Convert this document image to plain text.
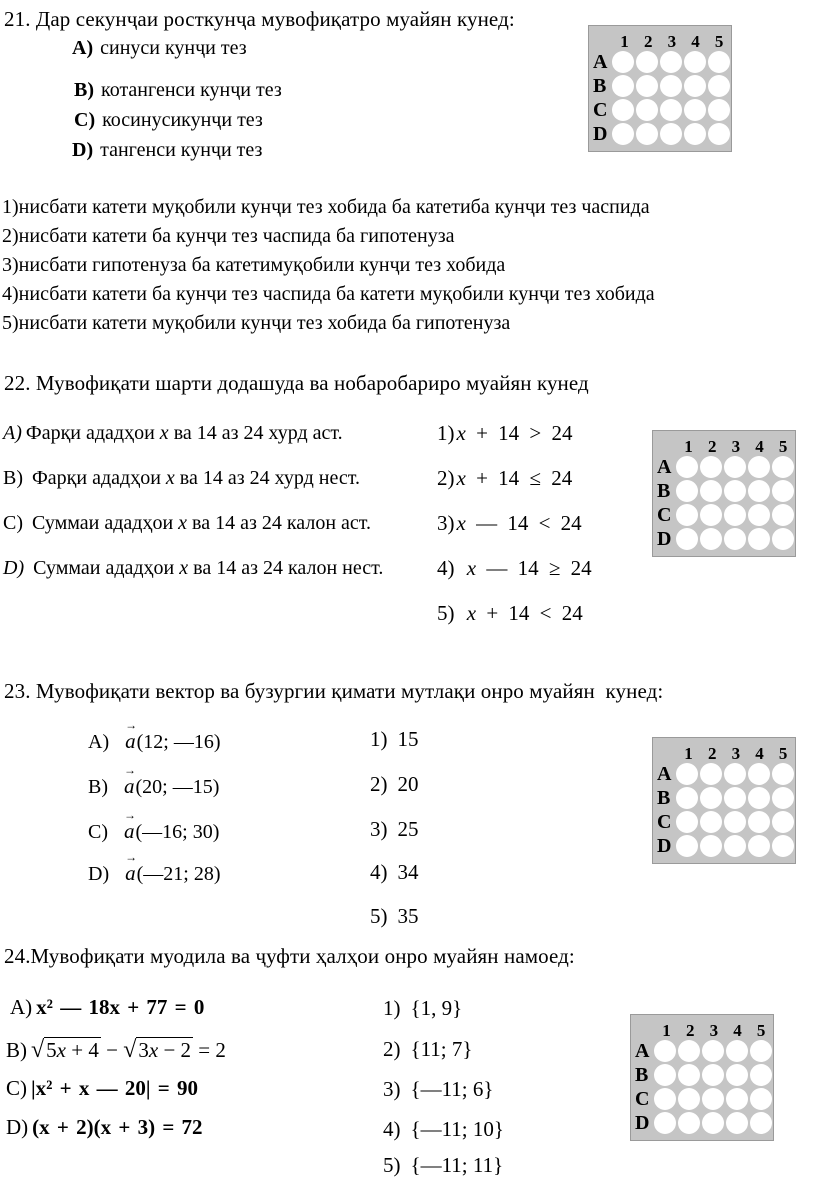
21. Дар секунҷаи росткунҷа мувофиқатро муайян кунед:
A) синуси кунҷи тез
B) котангенси кунҷи тез
C) косинусикунҷи тез
D) тангенси кунҷи тез
1 2 3 4 5
A
B
C
D
1)нисбати катети муқобили кунҷи тез хобида ба катетиба кунҷи тез часпида
2)нисбати катети ба кунҷи тез часпида ба гипотенуза
3)нисбати гипотенуза ба катетимуқобили кунҷи тез хобида
4)нисбати катети ба кунҷи тез часпида ба катети муқобили кунҷи тез хобида
5)нисбати катети муқобили кунҷи тез хобида ба гипотенуза
22. Мувофиқати шарти додашуда ва нобаробариро муайян кунед
A) Фарқи ададҳои x ва 14 аз 24 хурд аст.
B) Фарқи ададҳои x ва 14 аз 24 хурд нест.
C) Суммаи ададҳои x ва 14 аз 24 калон аст.
D) Суммаи ададҳои x ва 14 аз 24 калон нест.
1)x + 14 > 24
2)x + 14 ≤ 24
3)x — 14 < 24
4) x — 14 ≥ 24
5) x + 14 < 24
1 2 3 4 5
A
B
C
D
23. Мувофиқати вектор ва бузургии қимати мутлақи онро муайян  кунед:
A) → a(12; —16)
B) → a(20; —15)
C) → a(—16; 30)
D) → a(—21; 28)
1) 15
2) 20
3) 25
4) 34
5) 35
1 2 3 4 5
A
B
C
D
24.Мувофиқати муодила ва ҷуфти ҳалҳои онро муайян намоед:
A) x² — 18x + 77 = 0
B) √5x + 4 − √3x − 2 = 2
C) |x² + x — 20| = 90
D) (x + 2)(x + 3) = 72
1) {1, 9}
2) {11; 7}
3) {—11; 6}
4) {—11; 10}
5) {—11; 11}
1 2 3 4 5
A
B
C
D
